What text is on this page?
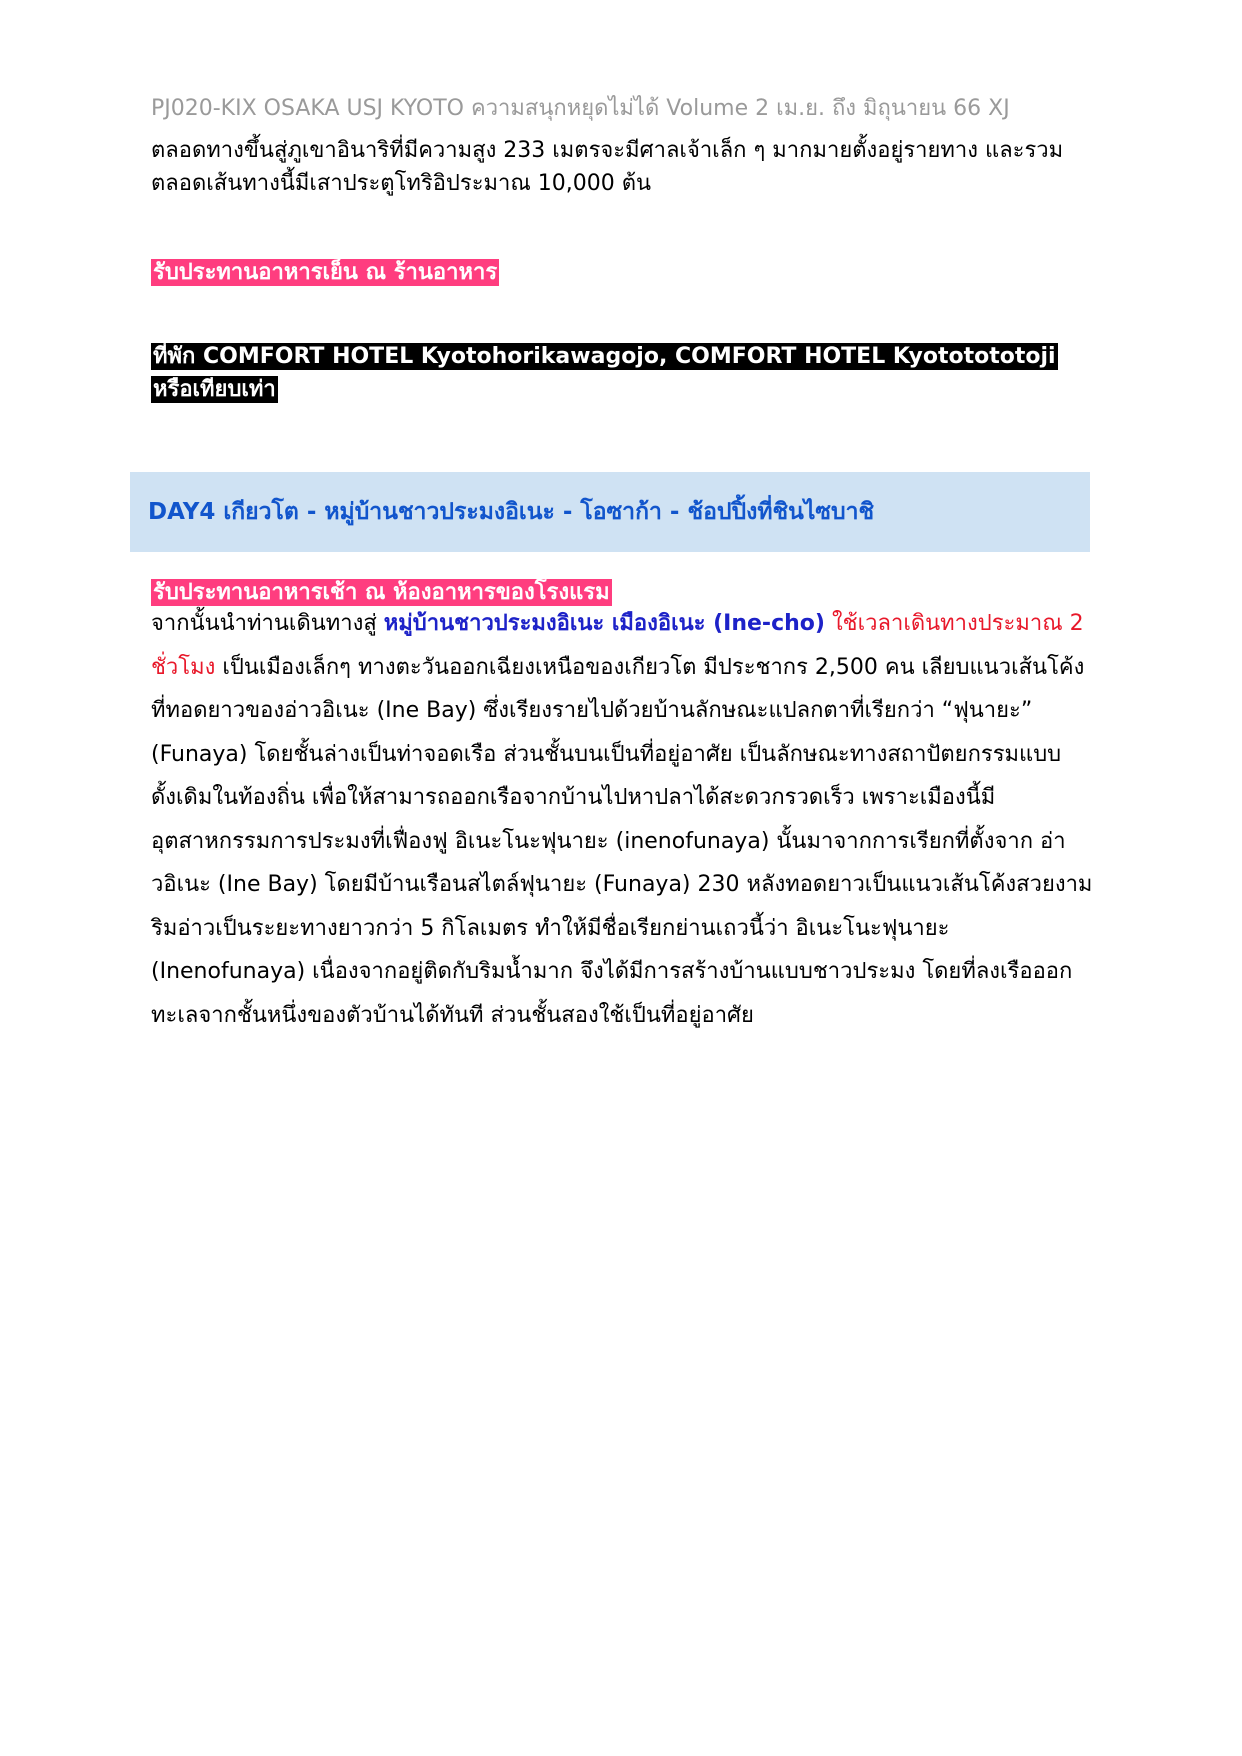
PJ020-KIX OSAKA USJ KYOTO ความสนุกหยุดไม่ได้ Volume 2 เม.ย. ถึง มิถุนายน 66 XJ
ตลอดทางขึ้นสู่ภูเขาอินาริที่มีความสูง 233 เมตรจะมีศาลเจ้าเล็ก ๆ มากมายตั้งอยู่รายทาง และรวมตลอดเส้นทางนี้มีเสาประตูโทริอิประมาณ 10,000 ต้น
รับประทานอาหารเย็น ณ ร้านอาหาร
ที่พัก COMFORT HOTEL Kyotohorikawagojo, COMFORT HOTEL Kyototototoji
หรือเทียบเท่า
DAY4 เกียวโต - หมู่บ้านชาวประมงอิเนะ - โอซาก้า - ช้อปปิ้งที่ชินไซบาชิ
รับประทานอาหารเช้า ณ ห้องอาหารของโรงแรม
จากนั้นนำท่านเดินทางสู่ หมู่บ้านชาวประมงอิเนะ เมืองอิเนะ (Ine-cho) ใช้เวลาเดินทางประมาณ 2 ชั่วโมง เป็นเมืองเล็กๆ ทางตะวันออกเฉียงเหนือของเกียวโต มีประชากร 2,500 คน เลียบแนวเส้นโค้งที่ทอดยาวของอ่าวอิเนะ (Ine Bay) ซึ่งเรียงรายไปด้วยบ้านลักษณะแปลกตาที่เรียกว่า “ฟุนายะ” (Funaya) โดยชั้นล่างเป็นท่าจอดเรือ ส่วนชั้นบนเป็นที่อยู่อาศัย เป็นลักษณะทางสถาปัตยกรรมแบบดั้งเดิมในท้องถิ่น เพื่อให้สามารถออกเรือจากบ้านไปหาปลาได้สะดวกรวดเร็ว เพราะเมืองนี้มีอุตสาหกรรมการประมงที่เฟื่องฟู อิเนะโนะฟุนายะ (inenofunaya) นั้นมาจากการเรียกที่ตั้งจาก อ่าวอิเนะ (Ine Bay) โดยมีบ้านเรือนสไตล์ฟุนายะ (Funaya) 230 หลังทอดยาวเป็นแนวเส้นโค้งสวยงามริมอ่าวเป็นระยะทางยาวกว่า 5 กิโลเมตร ทำให้มีชื่อเรียกย่านเถวนี้ว่า อิเนะโนะฟุนายะ (Inenofunaya) เนื่องจากอยู่ติดกับริมน้ำมาก จึงได้มีการสร้างบ้านแบบชาวประมง โดยที่ลงเรือออกทะเลจากชั้นหนึ่งของตัวบ้านได้ทันที ส่วนชั้นสองใช้เป็นที่อยู่อาศัย
